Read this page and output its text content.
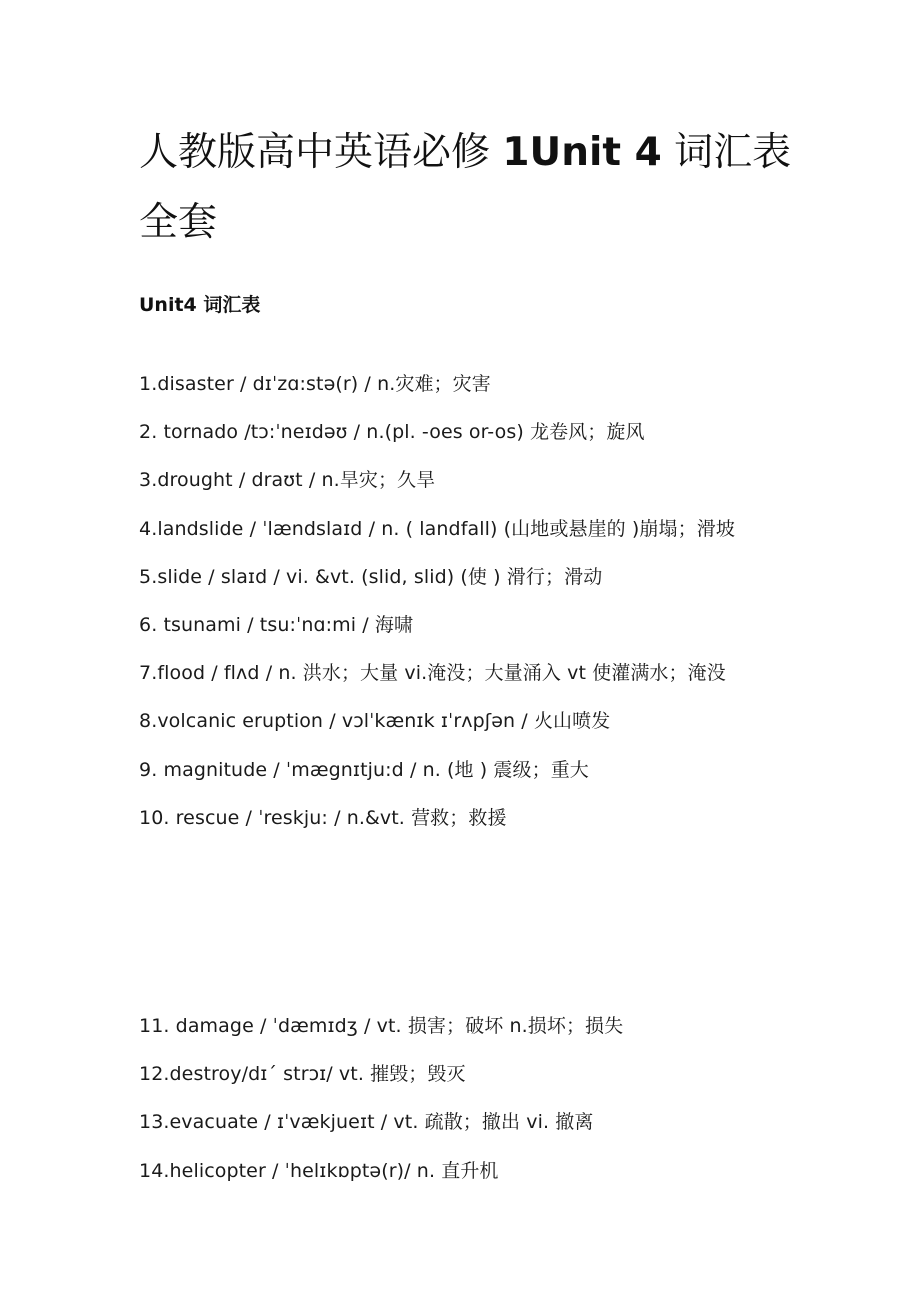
人教版高中英语必修 1Unit 4 词汇表全套
Unit4 词汇表
1.disaster / dɪˈzɑ:stə(r) / n.灾难；灾害
2. tornado /tɔ:ˈneɪdəʊ / n.(pl. -oes or-os) 龙卷风；旋风
3.drought / draʊt / n.旱灾；久旱
4.landslide / ˈlændslaɪd / n. ( landfall) (山地或悬崖的 )崩塌；滑坡
5.slide / slaɪd / vi. &vt. (slid, slid) (使 ) 滑行；滑动
6. tsunami / tsu:ˈnɑ:mi / 海啸
7.flood / flʌd / n. 洪水；大量 vi.淹没；大量涌入 vt 使灌满水；淹没
8.volcanic eruption / vɔlˈkænɪk ɪˈrʌpʃən / 火山喷发
9. magnitude / ˈmægnɪtju:d / n. (地 ) 震级；重大
10. rescue / ˈreskju: / n.&vt. 营救；救援
11. damage / ˈdæmɪdʒ / vt. 损害；破坏 n.损坏；损失
12.destroy/dɪˊ strɔɪ/ vt. 摧毁；毁灭
13.evacuate / ɪˈvækjueɪt / vt. 疏散；撤出 vi. 撤离
14.helicopter / ˈhelɪkɒptə(r)/ n. 直升机
